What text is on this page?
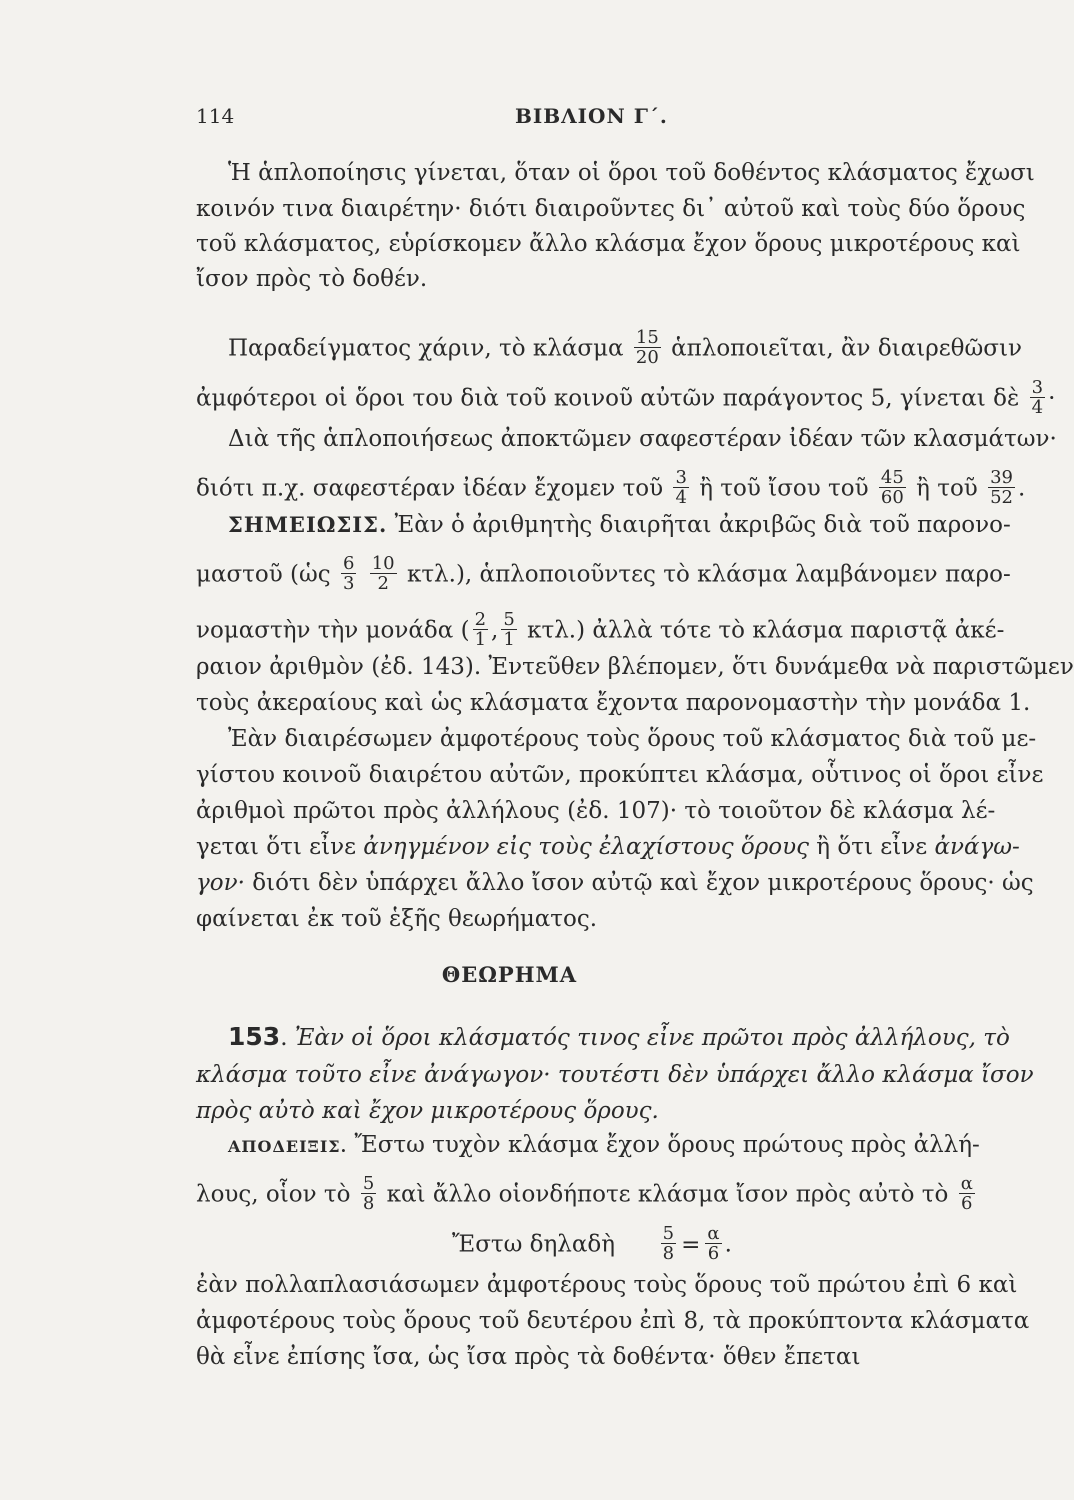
114	ΒΙΒΛΙΟΝ Γ΄.
Ἡ ἁπλοποίησις γίνεται, ὅταν οἱ ὅροι τοῦ δοθέντος κλάσματος ἔχωσι
κοινόν τινα διαιρέτην· διότι διαιροῦντες δι᾽ αὐτοῦ καὶ τοὺς δύο ὅρους
τοῦ κλάσματος, εὑρίσκομεν ἄλλο κλάσμα ἔχον ὅρους μικροτέρους καὶ
ἴσον πρὸς τὸ δοθέν.
Παραδείγματος χάριν, τὸ κλάσμα $\frac{15}{20}$ ἁπλοποιεῖται, ἂν διαιρεθῶσιν
ἀμφότεροι οἱ ὅροι του διὰ τοῦ κοινοῦ αὐτῶν παράγοντος 5, γίνεται δὲ $\frac{3}{4}$ ·
Διὰ τῆς ἁπλοποιήσεως ἀποκτῶμεν σαφεστέραν ἰδέαν τῶν κλασμάτων·
διότι π.χ. σαφεστέραν ἰδέαν ἔχομεν τοῦ $\frac{3}{4}$ ἢ τοῦ ἴσου τοῦ $\frac{45}{60}$ ἢ τοῦ $\frac{39}{52}$ .
ΣΗΜΕΙΩΣΙΣ. Ἐὰν ὁ ἀριθμητὴς διαιρῆται ἀκριβῶς διὰ τοῦ παρονο-
μαστοῦ (ὡς $\frac{6}{3}$
$\frac{10}{2} \kappa\tau\lambda$.), ἁπλοποιοῦντες τὸ κλάσμα λαμβάνομεν παρο-
νομαστὴν τὴν μονάδα ( $\frac{2}{1}$ , $\frac{5}{1} \kappa\tau\lambda$.) ἀλλὰ τότε τὸ κλάσμα παριστᾷ ἀκέ-
ραιον ἀριθμὸν (ἐδ. 143). Ἐντεῦθεν βλέπομεν, ὅτι δυνάμεθα νὰ παριστῶμεν
τοὺς ἀκεραίους καὶ ὡς κλάσματα ἔχοντα παρονομαστὴν τὴν μονάδα 1.
Ἐὰν διαιρέσωμεν ἀμφοτέρους τοὺς ὅρους τοῦ κλάσματος διὰ τοῦ με-
γίστου κοινοῦ διαιρέτου αὐτῶν, προκύπτει κλάσμα, οὗτινος οἱ ὅροι εἶνε
ἀριθμοὶ πρῶτοι πρὸς ἀλλήλους (ἐδ. 107)· τὸ τοιοῦτον δὲ κλάσμα λέ-
γεται ὅτι εἶνε ἀνηγμένον εἰς τοὺς ἐλαχίστους ὅρους ἢ ὅτι εἶνε ἀνάγω-
γον· διότι δὲν ὑπάρχει ἄλλο ἴσον αὐτῷ καὶ ἔχον μικροτέρους ὅρους· ὡς
φαίνεται ἐκ τοῦ ἑξῆς θεωρήματος.
ΘΕΩΡΗΜΑ
153. Ἐὰν οἱ ὅροι κλάσματός τινος εἶνε πρῶτοι πρὸς ἀλλήλους, τὸ
κλάσμα τοῦτο εἶνε ἀνάγωγον· τουτέστι δὲν ὑπάρχει ἄλλο κλάσμα ἴσον
πρὸς αὐτὸ καὶ ἔχον μικροτέρους ὅρους.
ΑΠΟΔΕΙΞΙΣ. Ἔστω τυχὸν κλάσμα ἔχον ὅρους πρώτους πρὸς ἀλλή-
λους, οἷον τὸ $\frac{5}{8}$ καὶ ἄλλο οἱονδήποτε κλάσμα ἴσον πρὸς αὐτὸ τὸ $\frac{\alpha}{6}$
Ἔστω δηλαδὴ	$\frac{5}{8} = \frac{\alpha}{6}$ .
ἐὰν πολλαπλασιάσωμεν ἀμφοτέρους τοὺς ὅρους τοῦ πρώτου ἐπὶ 6 καὶ
ἀμφοτέρους τοὺς ὅρους τοῦ δευτέρου ἐπὶ 8, τὰ προκύπτοντα κλάσματα
θὰ εἶνε ἐπίσης ἴσα, ὡς ἴσα πρὸς τὰ δοθέντα· ὅθεν ἔπεται
